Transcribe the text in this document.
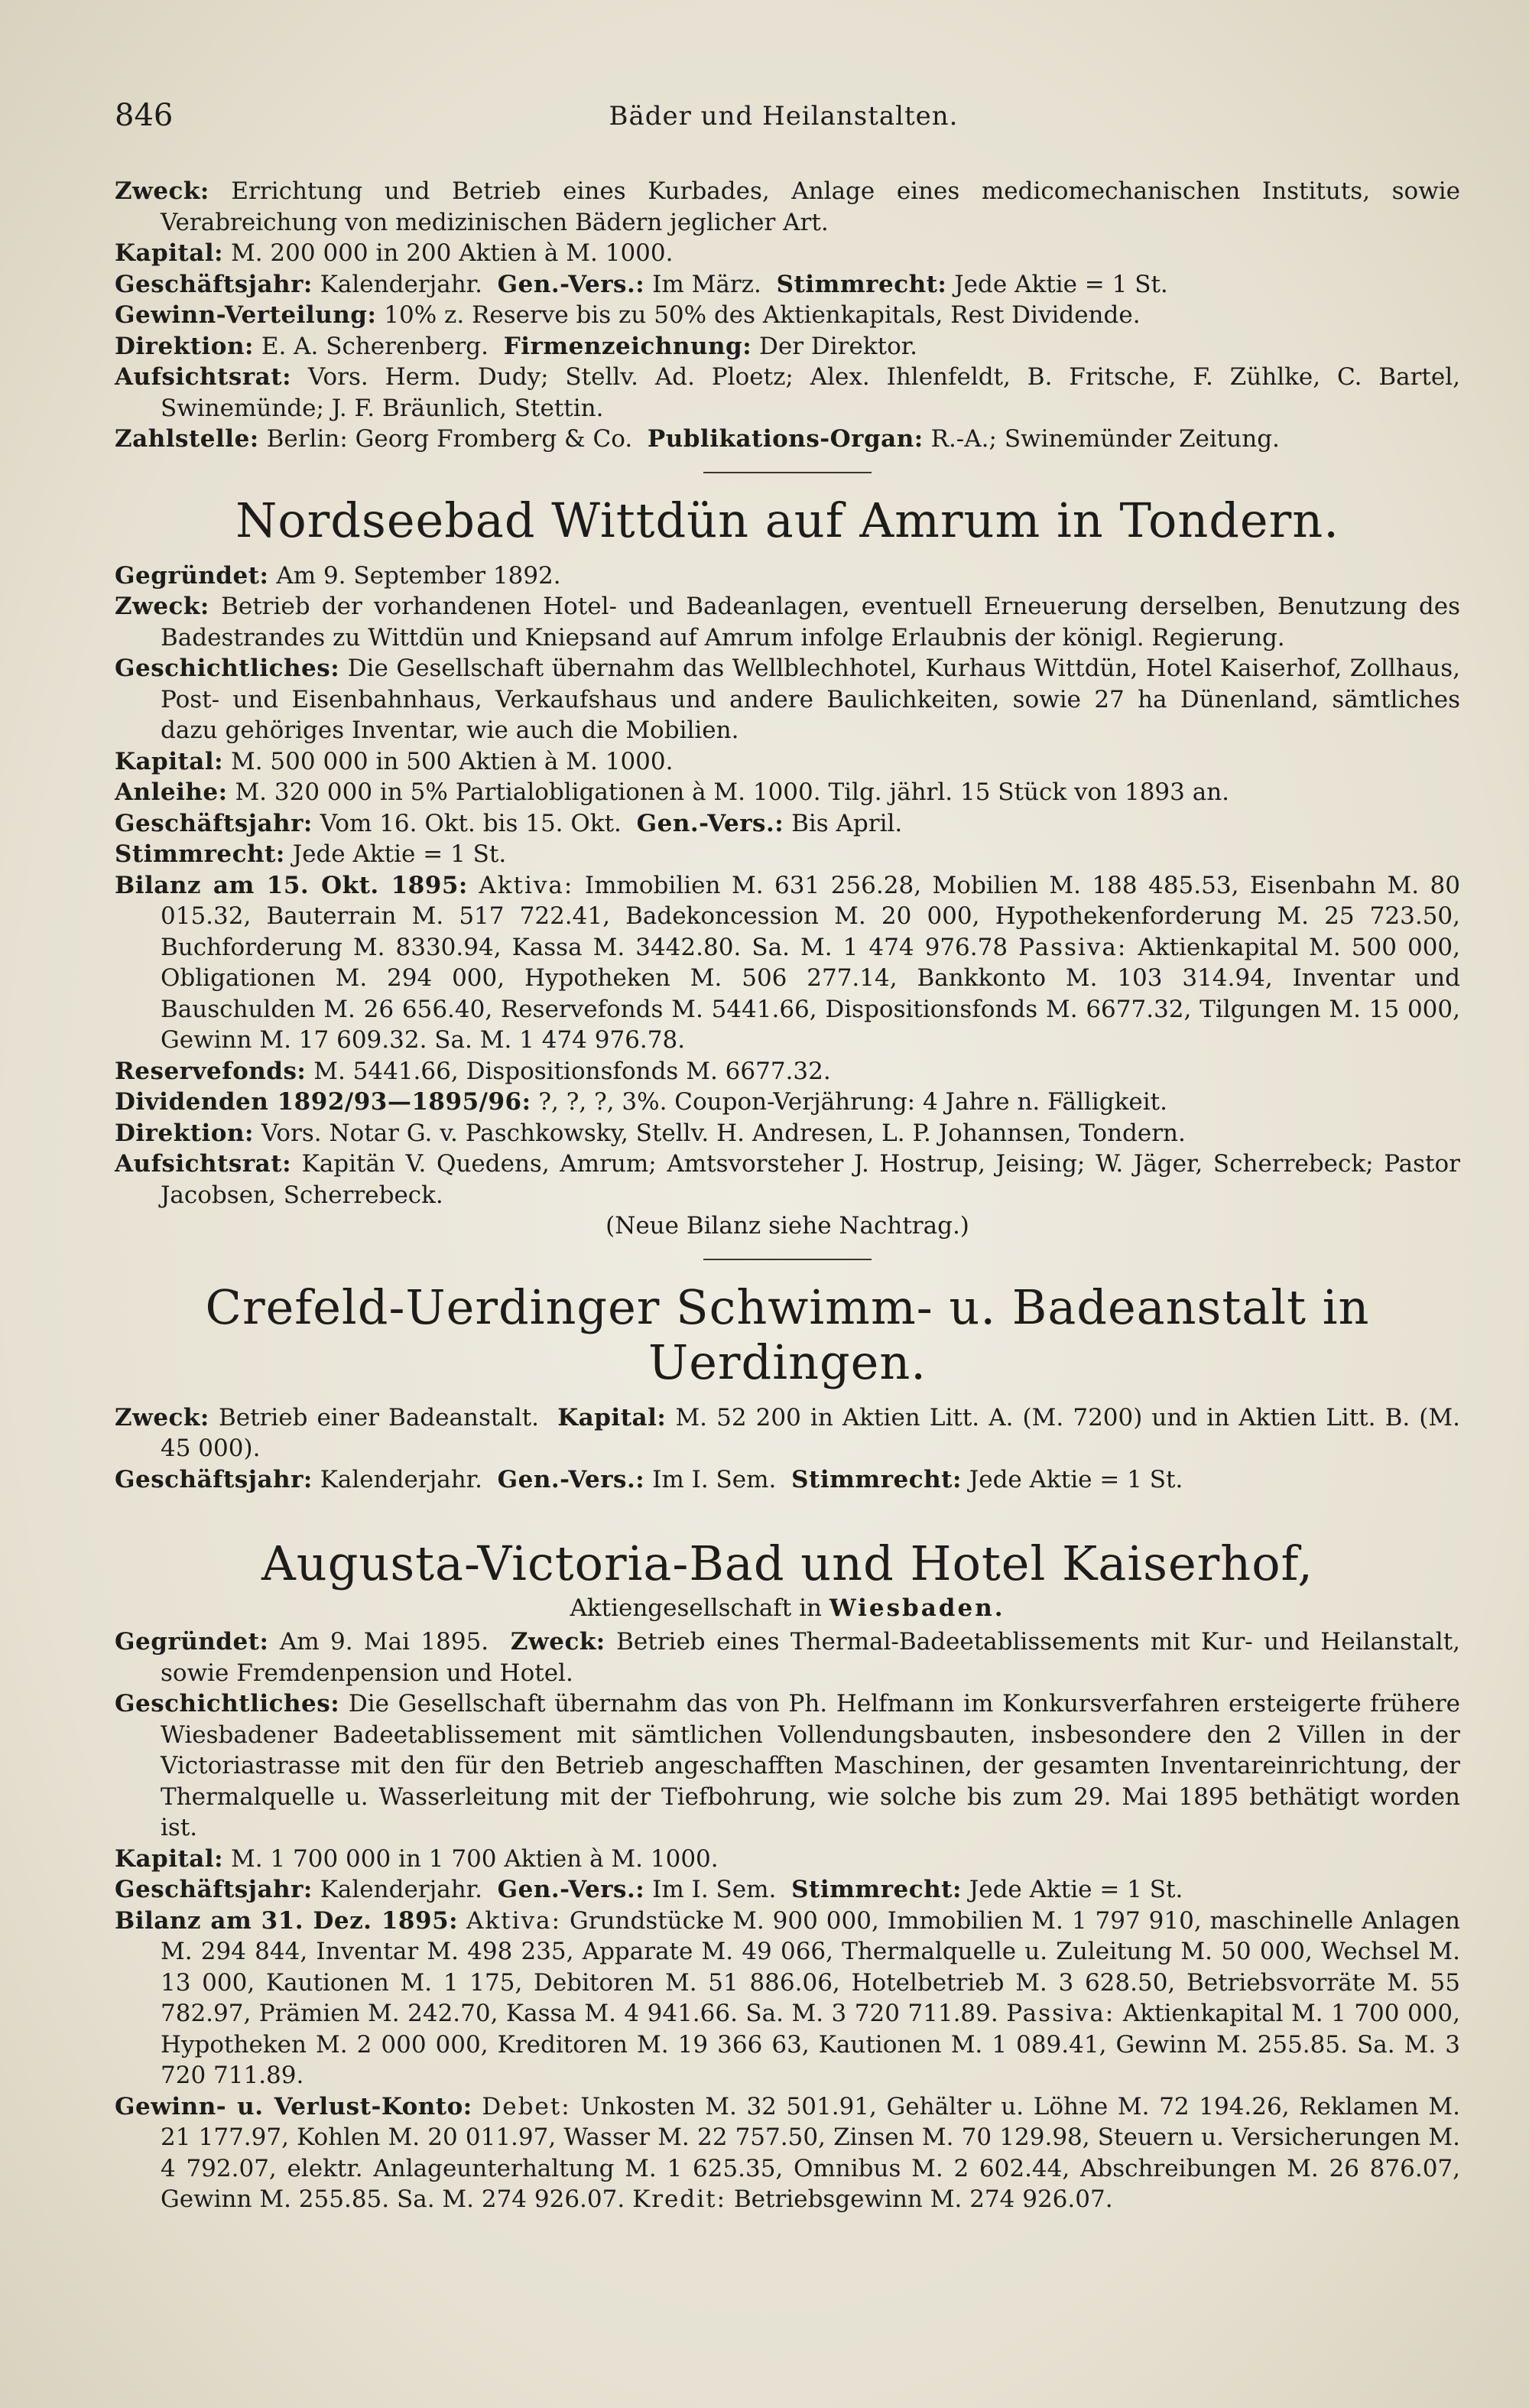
846	Bäder und Heilanstalten.

Zweck: Errichtung und Betrieb eines Kurbades, Anlage eines medicomechanischen Instituts, sowie Verabreichung von medizinischen Bädern jeglicher Art.

Kapital: M. 200 000 in 200 Aktien à M. 1000.

Geschäftsjahr: Kalenderjahr. Gen.-Vers.: Im März. Stimmrecht: Jede Aktie = 1 St.

Gewinn-Verteilung: 10% z. Reserve bis zu 50% des Aktienkapitals, Rest Dividende.

Direktion: E. A. Scherenberg. Firmenzeichnung: Der Direktor.

Aufsichtsrat: Vors. Herm. Dudy; Stellv. Ad. Ploetz; Alex. Ihlenfeldt, B. Fritsche, F. Zühlke, C. Bartel, Swinemünde; J. F. Bräunlich, Stettin.

Zahlstelle: Berlin: Georg Fromberg & Co. Publikations-Organ: R.-A.; Swinemünder Zeitung.

Nordseebad Wittdün auf Amrum in Tondern.

Gegründet: Am 9. September 1892.

Zweck: Betrieb der vorhandenen Hotel- und Badeanlagen, eventuell Erneuerung derselben, Benutzung des Badestrandes zu Wittdün und Kniepsand auf Amrum infolge Erlaubnis der königl. Regierung.

Geschichtliches: Die Gesellschaft übernahm das Wellblechhotel, Kurhaus Wittdün, Hotel Kaiserhof, Zollhaus, Post- und Eisenbahnhaus, Verkaufshaus und andere Baulichkeiten, sowie 27 ha Dünenland, sämtliches dazu gehöriges Inventar, wie auch die Mobilien.

Kapital: M. 500 000 in 500 Aktien à M. 1000.

Anleihe: M. 320 000 in 5% Partialobligationen à M. 1000. Tilg. jährl. 15 Stück von 1893 an.

Geschäftsjahr: Vom 16. Okt. bis 15. Okt. Gen.-Vers.: Bis April.

Stimmrecht: Jede Aktie = 1 St.

Bilanz am 15. Okt. 1895: Aktiva: Immobilien M. 631 256.28, Mobilien M. 188 485.53, Eisenbahn M. 80 015.32, Bauterrain M. 517 722.41, Badekoncession M. 20 000, Hypothekenforderung M. 25 723.50, Buchforderung M. 8330.94, Kassa M. 3442.80. Sa. M. 1 474 976.78 Passiva: Aktienkapital M. 500 000, Obligationen M. 294 000, Hypotheken M. 506 277.14, Bankkonto M. 103 314.94, Inventar und Bauschulden M. 26 656.40, Reservefonds M. 5441.66, Dispositionsfonds M. 6677.32, Tilgungen M. 15 000, Gewinn M. 17 609.32. Sa. M. 1 474 976.78.

Reservefonds: M. 5441.66, Dispositionsfonds M. 6677.32.

Dividenden 1892/93—1895/96: ?, ?, ?, 3%. Coupon-Verjährung: 4 Jahre n. Fälligkeit.

Direktion: Vors. Notar G. v. Paschkowsky, Stellv. H. Andresen, L. P. Johannsen, Tondern.

Aufsichtsrat: Kapitän V. Quedens, Amrum; Amtsvorsteher J. Hostrup, Jeising; W. Jäger, Scherrebeck; Pastor Jacobsen, Scherrebeck.

(Neue Bilanz siehe Nachtrag.)

Crefeld-Uerdinger Schwimm- u. Badeanstalt in Uerdingen.

Zweck: Betrieb einer Badeanstalt. Kapital: M. 52 200 in Aktien Litt. A. (M. 7200) und in Aktien Litt. B. (M. 45 000).

Geschäftsjahr: Kalenderjahr. Gen.-Vers.: Im I. Sem. Stimmrecht: Jede Aktie = 1 St.

Augusta-Victoria-Bad und Hotel Kaiserhof,
Aktiengesellschaft in Wiesbaden.

Gegründet: Am 9. Mai 1895. Zweck: Betrieb eines Thermal-Badeetablissements mit Kur- und Heilanstalt, sowie Fremdenpension und Hotel.

Geschichtliches: Die Gesellschaft übernahm das von Ph. Helfmann im Konkursverfahren ersteigerte frühere Wiesbadener Badeetablissement mit sämtlichen Vollendungsbauten, insbesondere den 2 Villen in der Victoriastrasse mit den für den Betrieb angeschafften Maschinen, der gesamten Inventareinrichtung, der Thermalquelle u. Wasserleitung mit der Tiefbohrung, wie solche bis zum 29. Mai 1895 bethätigt worden ist.

Kapital: M. 1 700 000 in 1 700 Aktien à M. 1000.

Geschäftsjahr: Kalenderjahr. Gen.-Vers.: Im I. Sem. Stimmrecht: Jede Aktie = 1 St.

Bilanz am 31. Dez. 1895: Aktiva: Grundstücke M. 900 000, Immobilien M. 1 797 910, maschinelle Anlagen M. 294 844, Inventar M. 498 235, Apparate M. 49 066, Thermalquelle u. Zuleitung M. 50 000, Wechsel M. 13 000, Kautionen M. 1 175, Debitoren M. 51 886.06, Hotelbetrieb M. 3 628.50, Betriebsvorräte M. 55 782.97, Prämien M. 242.70, Kassa M. 4 941.66. Sa. M. 3 720 711.89. Passiva: Aktienkapital M. 1 700 000, Hypotheken M. 2 000 000, Kreditoren M. 19 366 63, Kautionen M. 1 089.41, Gewinn M. 255.85. Sa. M. 3 720 711.89.

Gewinn- u. Verlust-Konto: Debet: Unkosten M. 32 501.91, Gehälter u. Löhne M. 72 194.26, Reklamen M. 21 177.97, Kohlen M. 20 011.97, Wasser M. 22 757.50, Zinsen M. 70 129.98, Steuern u. Versicherungen M. 4 792.07, elektr. Anlageunterhaltung M. 1 625.35, Omnibus M. 2 602.44, Abschreibungen M. 26 876.07, Gewinn M. 255.85. Sa. M. 274 926.07. Kredit: Betriebsgewinn M. 274 926.07.
